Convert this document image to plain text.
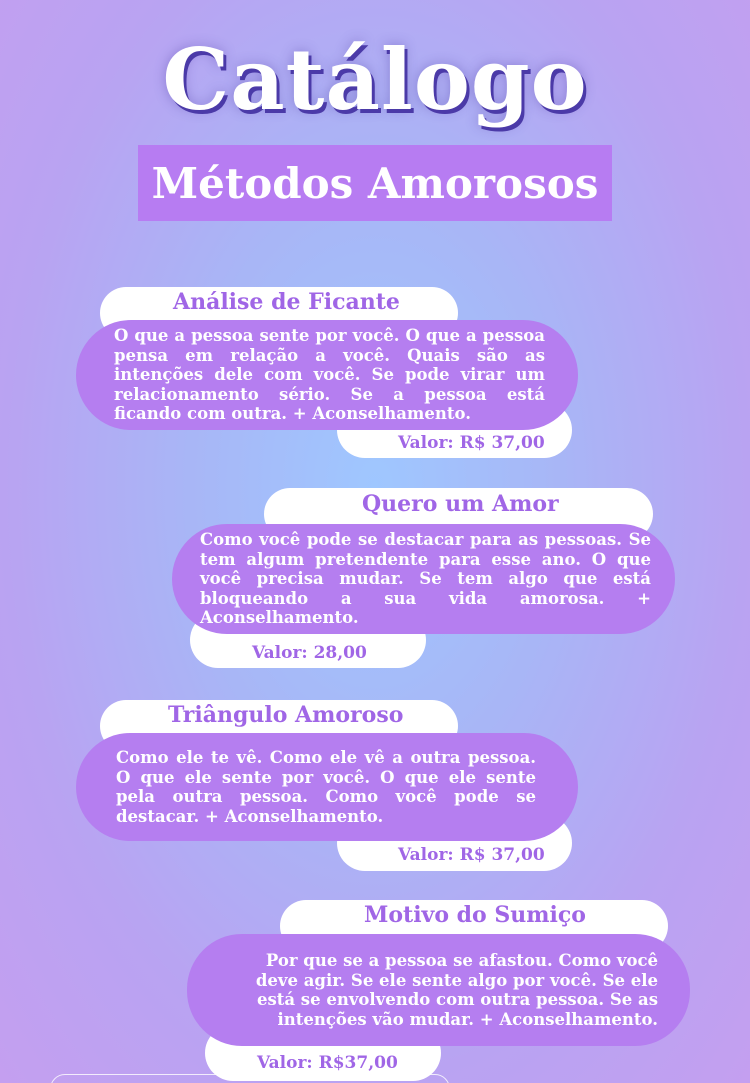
Catálogo
Métodos Amorosos
Análise de Ficante
Valor: R$ 37,00
O que a pessoa sente por você. O que a pessoa pensa em relação a você. Quais são as intenções dele com você. Se pode virar um relacionamento sério. Se a pessoa está ficando com outra. + Aconselhamento.
Quero um Amor
Valor: 28,00
Como você pode se destacar para as pessoas. Se tem algum pretendente para esse ano. O que você precisa mudar. Se tem algo que está bloqueando a sua vida amorosa. + Aconselhamento.
Triângulo Amoroso
Valor: R$ 37,00
Como ele te vê. Como ele vê a outra pessoa. O que ele sente por você. O que ele sente pela outra pessoa. Como você pode se destacar. + Aconselhamento.
Motivo do Sumiço
Valor: R$37,00
Por que se a pessoa se afastou. Como você deve agir. Se ele sente algo por você. Se ele está se envolvendo com outra pessoa. Se as intenções vão mudar. + Aconselhamento.
